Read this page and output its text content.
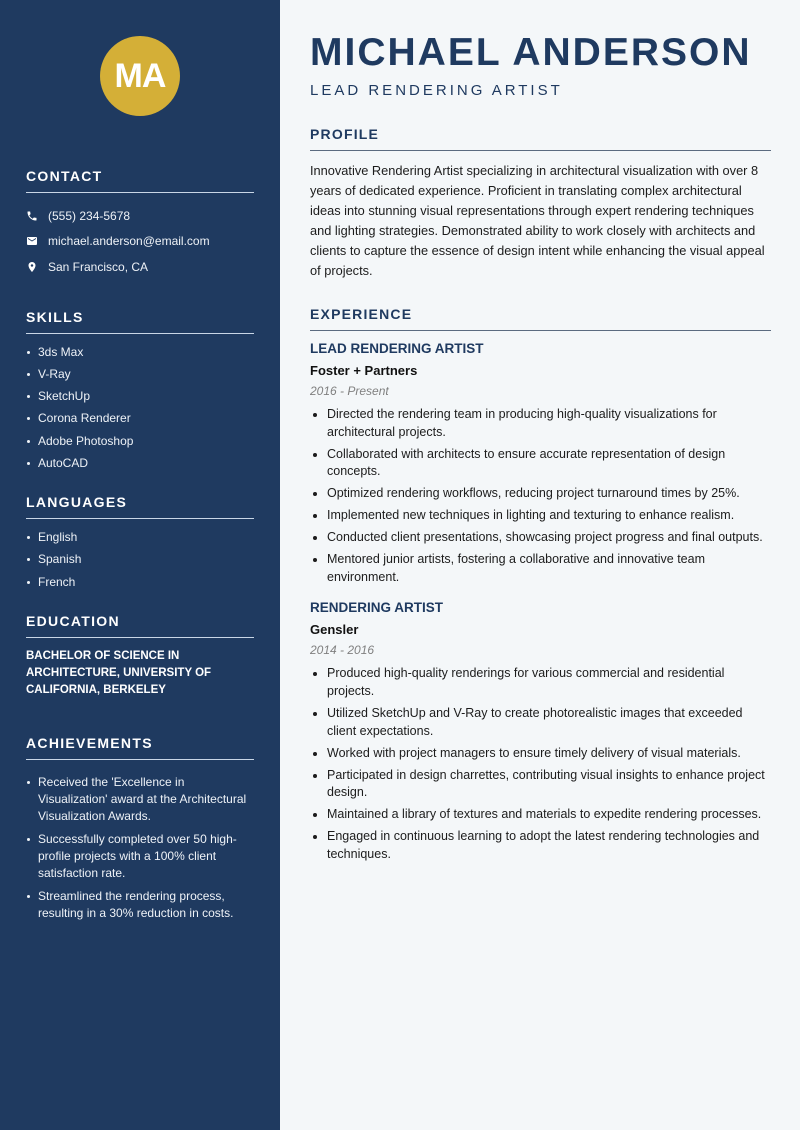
MA
CONTACT
(555) 234-5678
michael.anderson@email.com
San Francisco, CA
SKILLS
3ds Max
V-Ray
SketchUp
Corona Renderer
Adobe Photoshop
AutoCAD
LANGUAGES
English
Spanish
French
EDUCATION
BACHELOR OF SCIENCE IN ARCHITECTURE, UNIVERSITY OF CALIFORNIA, BERKELEY
ACHIEVEMENTS
Received the 'Excellence in Visualization' award at the Architectural Visualization Awards.
Successfully completed over 50 high-profile projects with a 100% client satisfaction rate.
Streamlined the rendering process, resulting in a 30% reduction in costs.
MICHAEL ANDERSON
LEAD RENDERING ARTIST
PROFILE

Innovative Rendering Artist specializing in architectural visualization with over 8 years of dedicated experience. Proficient in translating complex architectural ideas into stunning visual representations through expert rendering techniques and lighting strategies. Demonstrated ability to work closely with architects and clients to capture the essence of design intent while enhancing the visual appeal of projects.

EXPERIENCE
LEAD RENDERING ARTIST
Foster + Partners
2016 - Present
Directed the rendering team in producing high-quality visualizations for architectural projects.
Collaborated with architects to ensure accurate representation of design concepts.
Optimized rendering workflows, reducing project turnaround times by 25%.
Implemented new techniques in lighting and texturing to enhance realism.
Conducted client presentations, showcasing project progress and final outputs.
Mentored junior artists, fostering a collaborative and innovative team environment.
RENDERING ARTIST
Gensler
2014 - 2016
Produced high-quality renderings for various commercial and residential projects.
Utilized SketchUp and V-Ray to create photorealistic images that exceeded client expectations.
Worked with project managers to ensure timely delivery of visual materials.
Participated in design charrettes, contributing visual insights to enhance project design.
Maintained a library of textures and materials to expedite rendering processes.
Engaged in continuous learning to adopt the latest rendering technologies and techniques.
